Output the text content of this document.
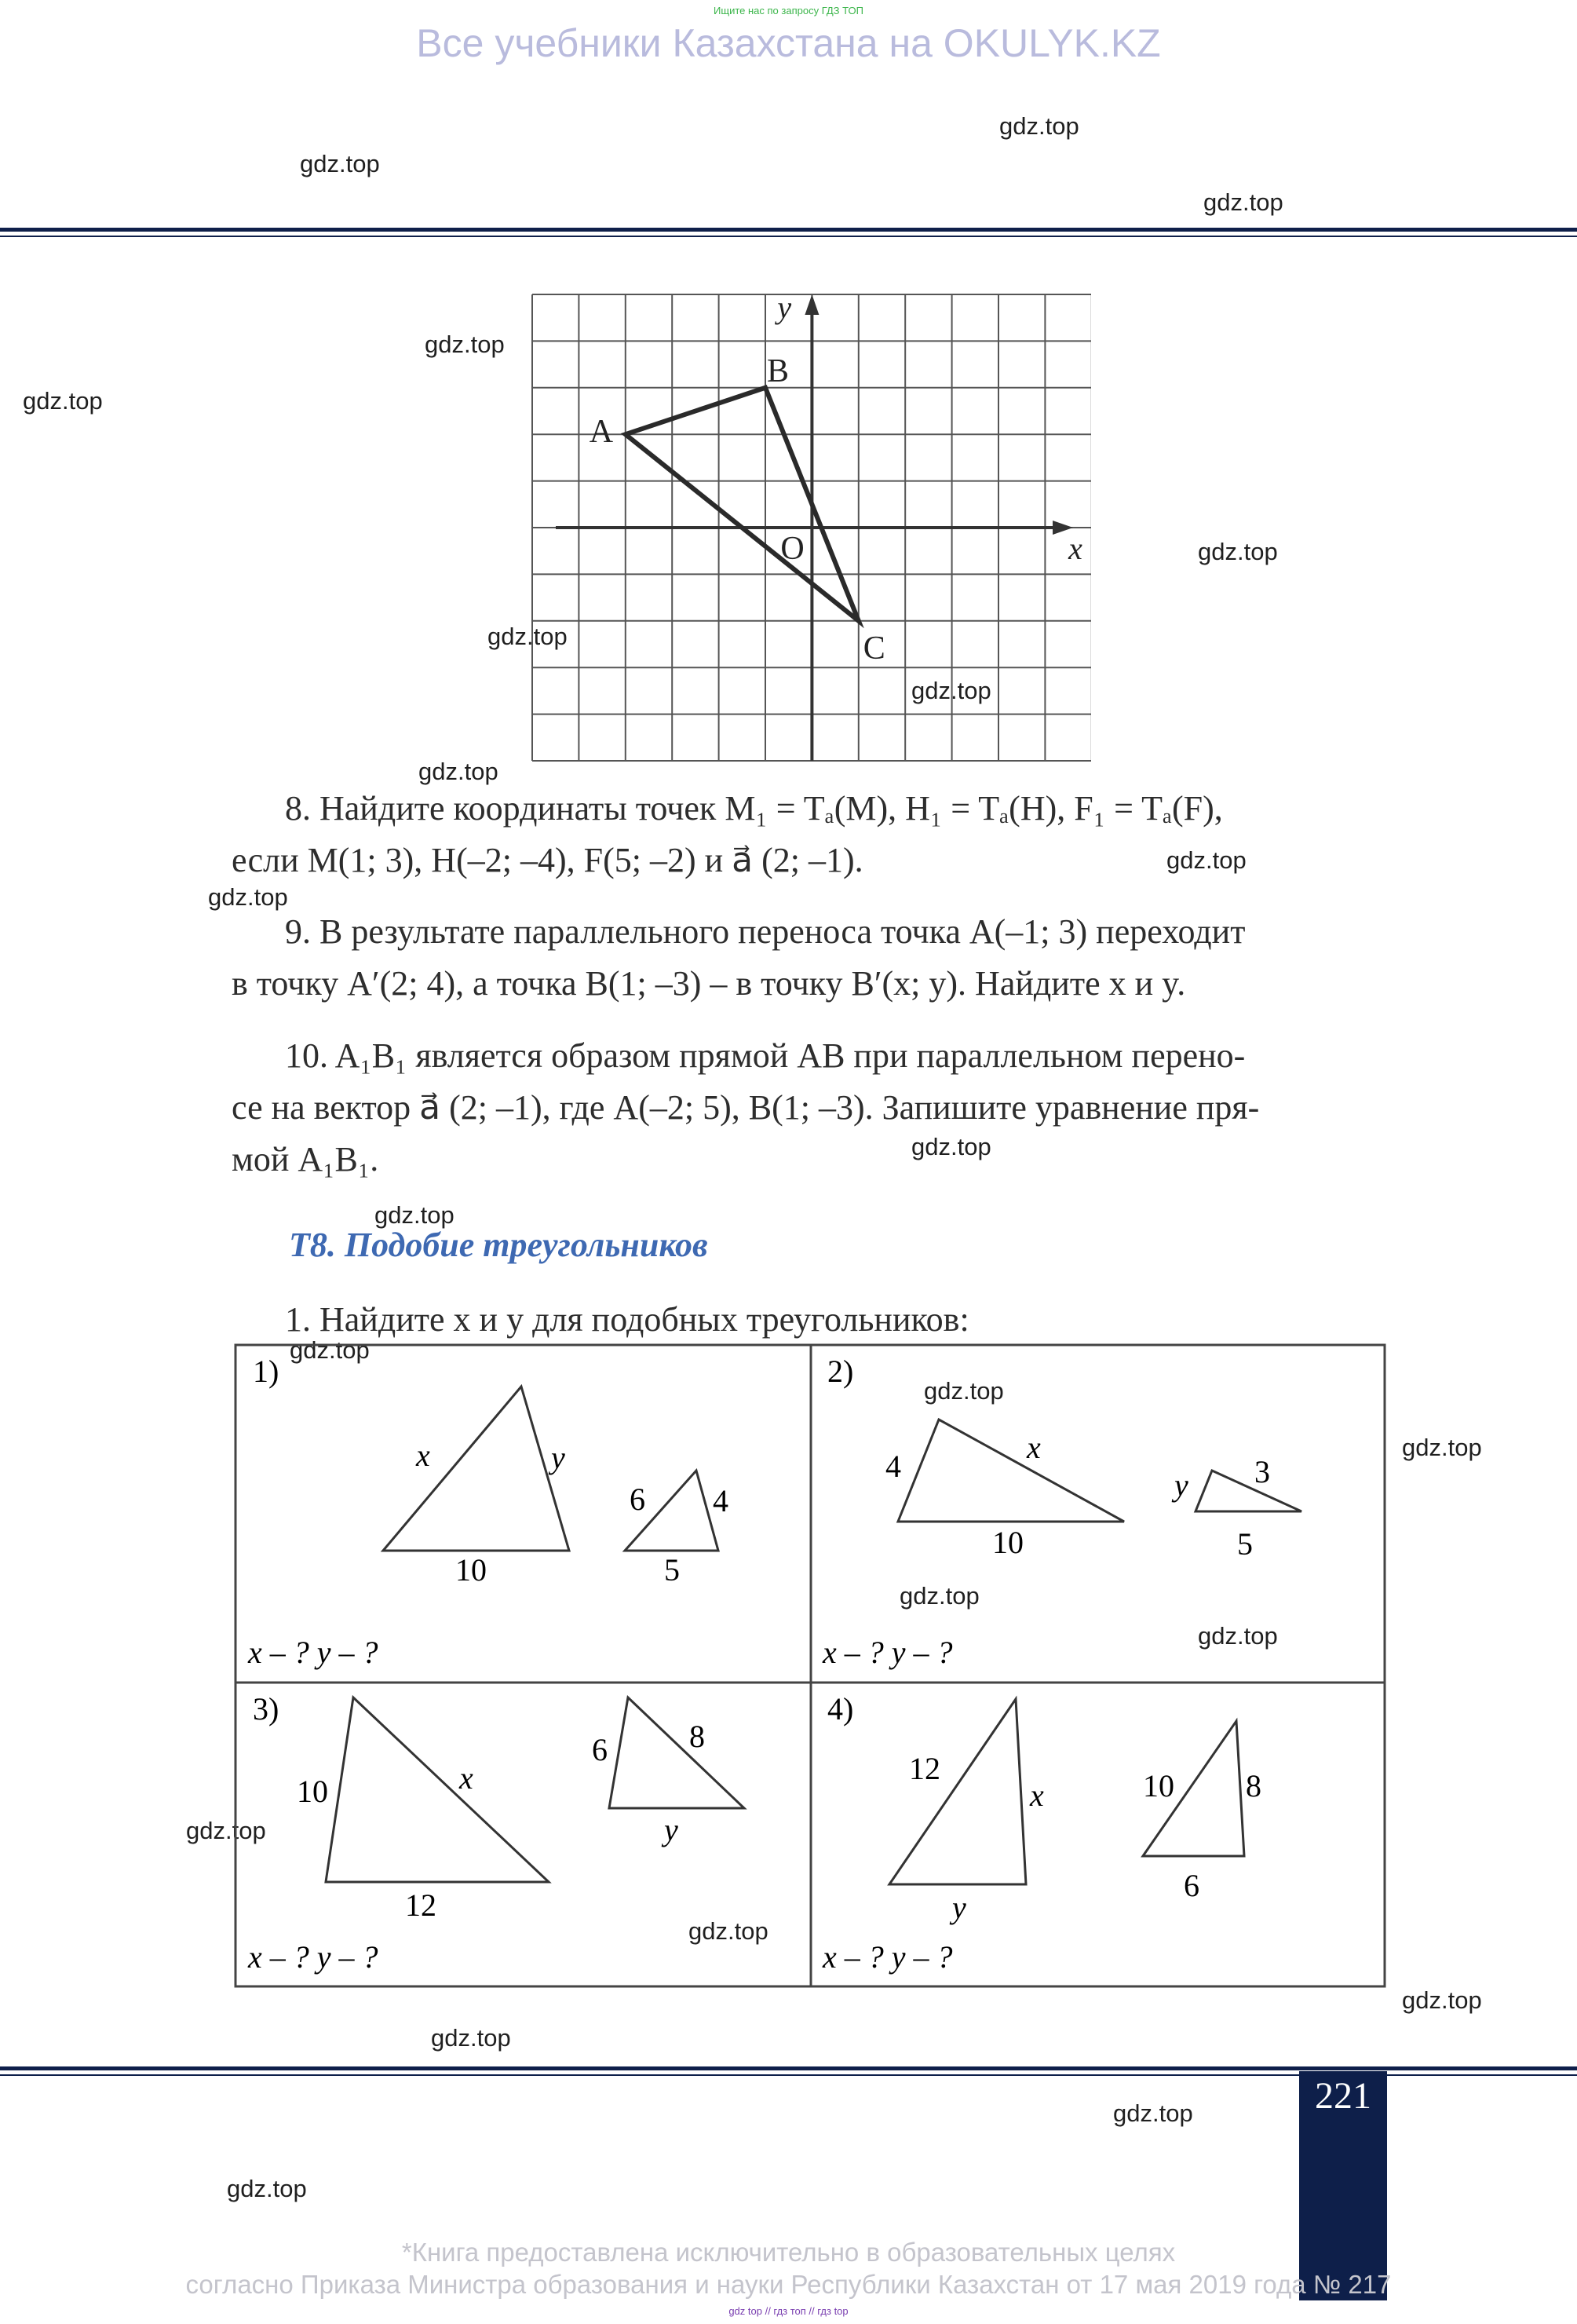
Ищите нас по запросу ГДЗ ТОП
Все учебники Казахстана на OKULYK.KZ
gdz.top
gdz.top
gdz.top
gdz.top
gdz.top
gdz.top
gdz.top
gdz.top
gdz.top
gdz.top
gdz.top
gdz.top
gdz.top
gdz.top
gdz.top
gdz.top
gdz.top
gdz.top
gdz.top
gdz.top
gdz.top
gdz.top
gdz.top
gdz.top
x
y
A
B
C
O
8. Найдите координаты точек M₁ = Tₐ(M), H₁ = Tₐ(H), F₁ = Tₐ(F),
если M(1; 3), H(–2; –4), F(5; –2) и a⃗ (2; –1).
9. В результате параллельного переноса точка A(–1; 3) переходит
в точку A′(2; 4), а точка B(1; –3) – в точку B′(x; y). Найдите x и y.
10. A₁B₁ является образом прямой AB при параллельном перено-
се на вектор a⃗ (2; –1), где A(–2; 5), B(1; –3). Запишите уравнение пря-
мой A₁B₁.
Т8. Подобие треугольников
1. Найдите x и y для подобных треугольников:
1)
x	y
10
6 4
5
x – ? y – ?
2)
4
x
10
y 3
5
x – ? y – ?
3)
10	x
12
6	8
y
x – ? y – ?
4)
12
x
y
10 8
6
x – ? y – ?
221
*Книга предоставлена исключительно в образовательных целях
согласно Приказа Министра образования и науки Республики Казахстан от 17 мая 2019 года № 217
gdz top // гдз топ // гдз top
